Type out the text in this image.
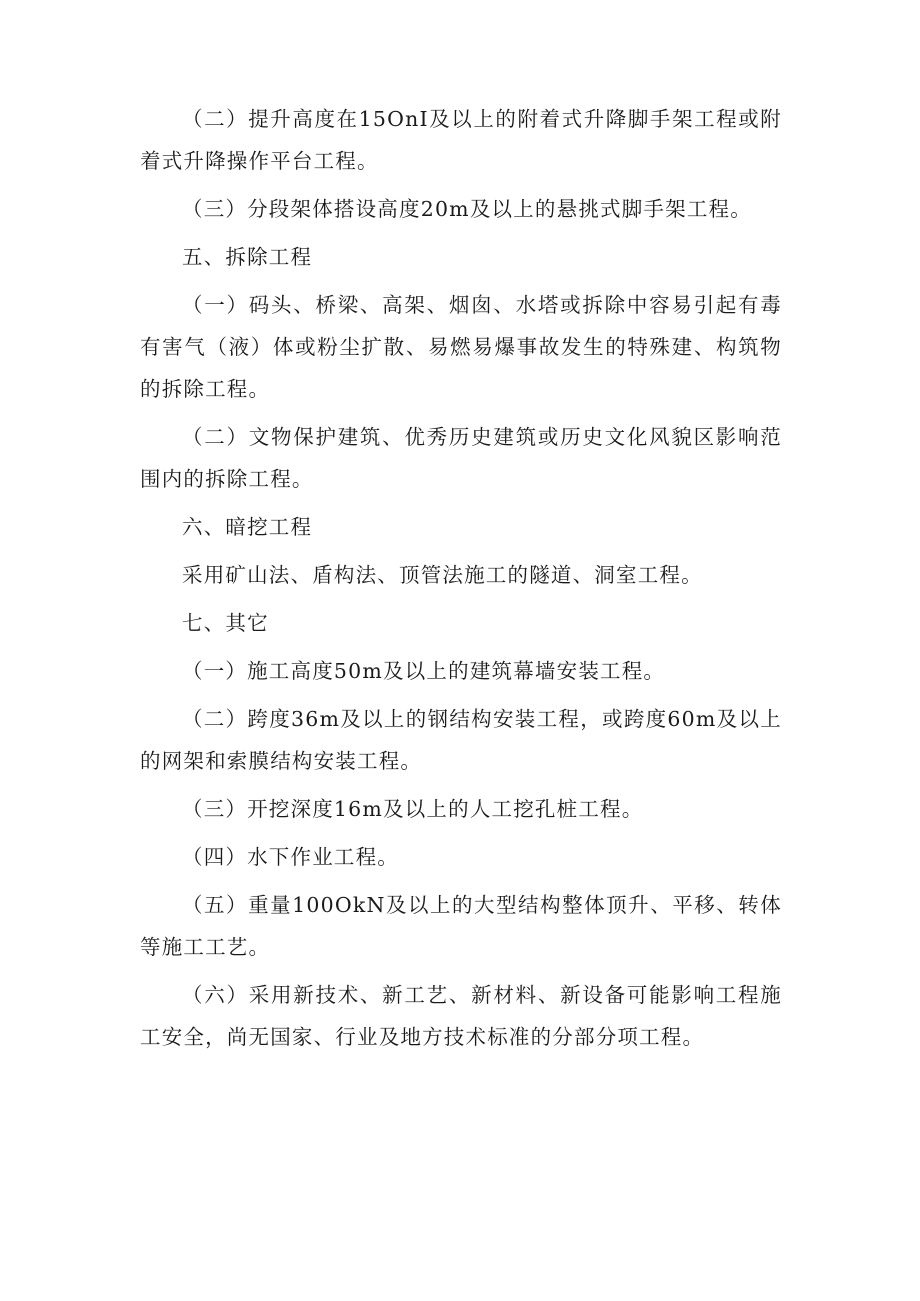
（二）提升高度在15OnI及以上的附着式升降脚手架工程或附着式升降操作平台工程。

（三）分段架体搭设高度20m及以上的悬挑式脚手架工程。

五、拆除工程

（一）码头、桥梁、高架、烟囱、水塔或拆除中容易引起有毒有害气（液）体或粉尘扩散、易燃易爆事故发生的特殊建、构筑物的拆除工程。

（二）文物保护建筑、优秀历史建筑或历史文化风貌区影响范围内的拆除工程。

六、暗挖工程

采用矿山法、盾构法、顶管法施工的隧道、洞室工程。

七、其它

（一）施工高度50m及以上的建筑幕墙安装工程。

（二）跨度36m及以上的钢结构安装工程，或跨度60m及以上的网架和索膜结构安装工程。

（三）开挖深度16m及以上的人工挖孔桩工程。

（四）水下作业工程。

（五）重量100OkN及以上的大型结构整体顶升、平移、转体等施工工艺。

（六）采用新技术、新工艺、新材料、新设备可能影响工程施工安全，尚无国家、行业及地方技术标准的分部分项工程。
